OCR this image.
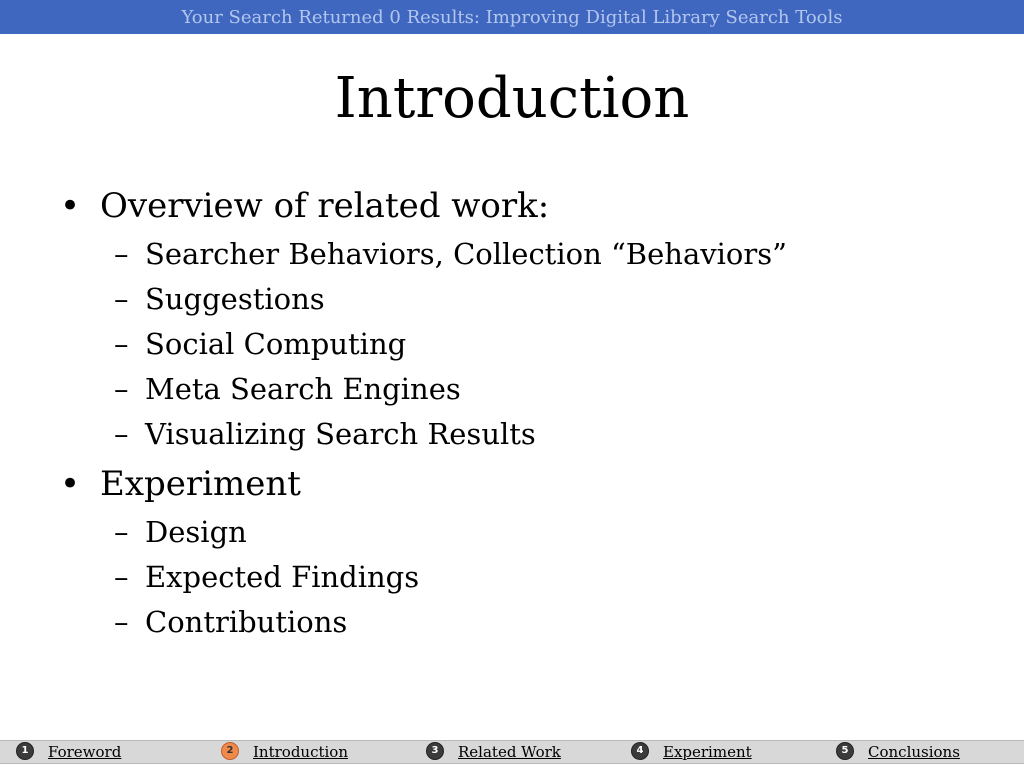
Your Search Returned 0 Results: Improving Digital Library Search Tools
Introduction
• Overview of related work:
– Searcher Behaviors, Collection “Behaviors”
– Suggestions
– Social Computing
– Meta Search Engines
– Visualizing Search Results
• Experiment
– Design
– Expected Findings
– Contributions
1	Foreword	2	Introduction	3	Related Work	4	Experiment	5	Conclusions
